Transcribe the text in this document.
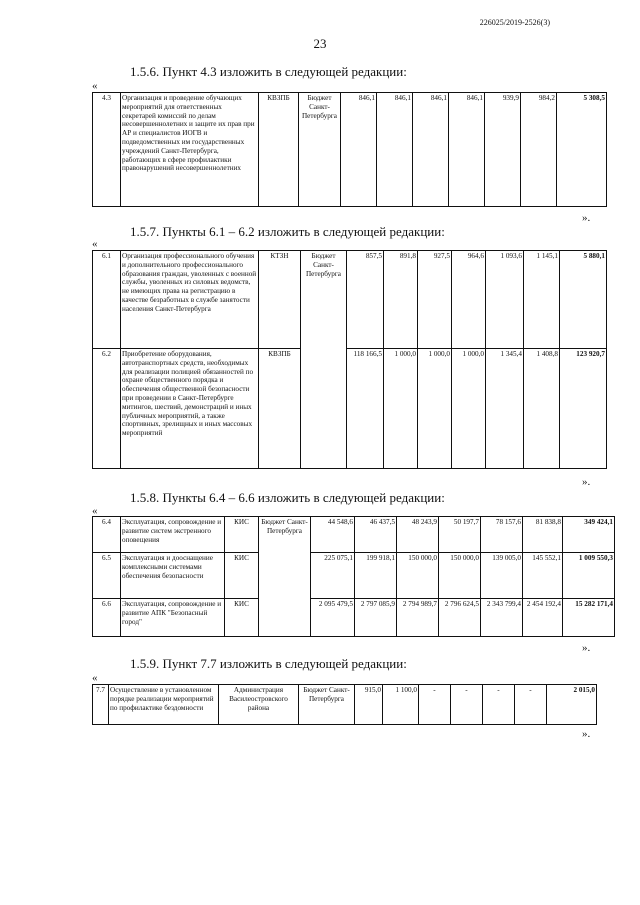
226025/2019-2526(3)
23
1.5.6. Пункт 4.3 изложить в следующей редакции:
«
4.3	Организация и проведение обучающих мероприятий для ответственных секретарей комиссий по делам несовершеннолетних и защите их прав при АР и специалистов ИОГВ и подведомственных им государственных учреждений Санкт-Петербурга, работающих в сфере профилактики правонарушений несовершеннолетних	КВЗПБ	Бюджет Санкт-Петербурга	846,1	846,1	846,1	846,1	939,9	984,2	5 308,5
».
1.5.7. Пункты 6.1 – 6.2 изложить в следующей редакции:
«
6.1	Организация профессионального обучения и дополнительного профессионального образования граждан, уволенных с военной службы, уволенных из силовых ведомств, не имеющих права на регистрацию в качестве безработных в службе занятости населения Санкт-Петербурга	КТЗН	Бюджет Санкт-Петербурга	857,5	891,8	927,5	964,6	1 093,6	1 145,1	5 880,1
6.2	Приобретение оборудования, автотранспортных средств, необходимых для реализации полицией обязанностей по охране общественного порядка и обеспечения общественной безопасности при проведении в Санкт-Петербурге митингов, шествий, демонстраций и иных публичных мероприятий, а также спортивных, зрелищных и иных массовых мероприятий	КВЗПБ		118 166,5	1 000,0	1 000,0	1 000,0	1 345,4	1 408,8	123 920,7
».
1.5.8. Пункты 6.4 – 6.6 изложить в следующей редакции:
«
6.4	Эксплуатация, сопровождение и развитие систем экстренного оповещения	КИС	Бюджет Санкт-Петербурга	44 548,6	46 437,5	48 243,9	50 197,7	78 157,6	81 838,8	349 424,1
6.5	Эксплуатация и дооснащение комплексными системами обеспечения безопасности	КИС		225 075,1	199 918,1	150 000,0	150 000,0	139 005,0	145 552,1	1 009 550,3
6.6	Эксплуатация, сопровождение и развитие АПК "Безопасный город"	КИС		2 095 479,5	2 797 085,9	2 794 989,7	2 796 624,5	2 343 799,4	2 454 192,4	15 282 171,4
».
1.5.9. Пункт 7.7 изложить в следующей редакции:
«
7.7	Осуществление в установленном порядке реализации мероприятий по профилактике бездомности	Администрация Василеостровского района	Бюджет Санкт-Петербурга	915,0	1 100,0	-	-	-	-	2 015,0
».
